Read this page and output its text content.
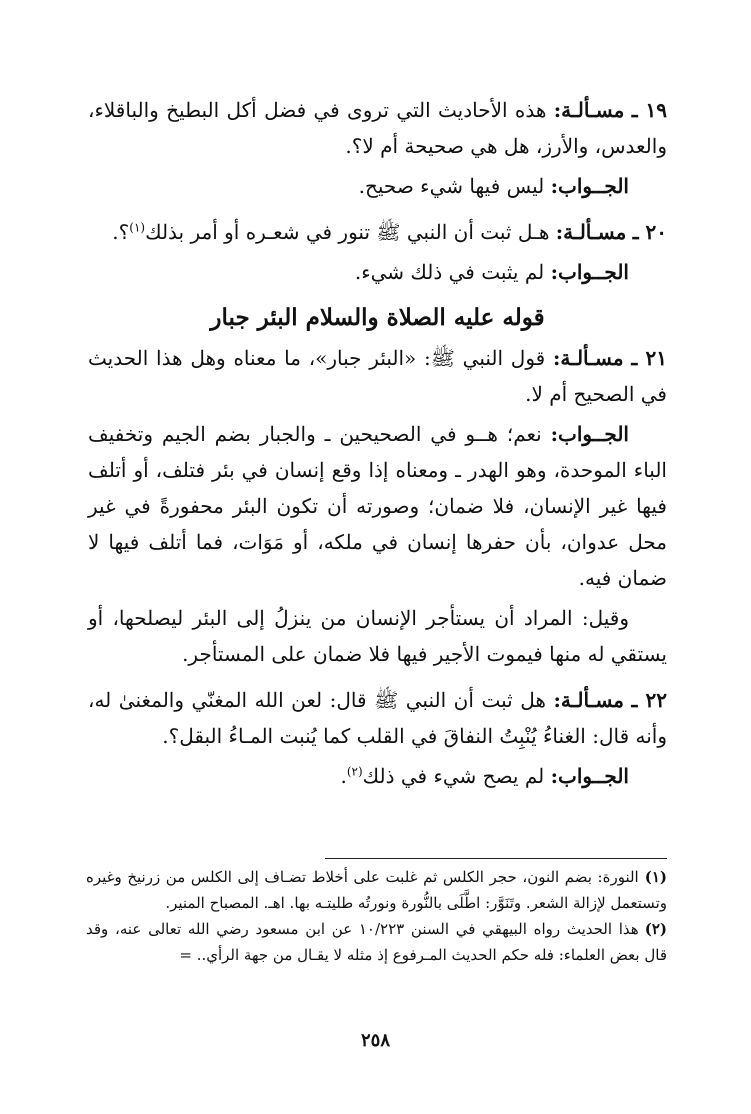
١٩ ـ مسـألـة: هذه الأحاديث التي تروى في فضل أكل البطيخ والباقلاء، والعدس، والأرز، هل هي صحيحة أم لا؟.

الجــواب: ليس فيها شيء صحيح.

٢٠ ـ مسـألـة: هـل ثبت أن النبي ﷺ تنور في شعـره أو أمر بذلك$^{(١)}$؟.

الجــواب: لم يثبت في ذلك شيء.

قوله عليه الصلاة والسلام البئر جبار

٢١ ـ مسـألـة: قول النبي ﷺ: «البئر جبار»، ما معناه وهل هذا الحديث في الصحيح أم لا.

الجــواب: نعم؛ هــو في الصحيحين ـ والجبار بضم الجيم وتخفيف الباء الموحدة، وهو الهدر ـ ومعناه إذا وقع إنسان في بئر فتلف، أو أتلف فيها غير الإنسان، فلا ضمان؛ وصورته أن تكون البئر محفورةً في غير محل عدوان، بأن حفرها إنسان في ملكه، أو مَوَات، فما أتلف فيها لا ضمان فيه.

وقيل: المراد أن يستأجر الإنسان من ينزلُ إلى البئر ليصلحها، أو يستقي له منها فيموت الأجير فيها فلا ضمان على المستأجر.

٢٢ ـ مسـألـة: هل ثبت أن النبي ﷺ قال: لعن الله المغنّي والمغنىٰ له، وأنه قال: الغناءُ يُنْبِتُ النفاقَ في القلب كما يُنبت المـاءُ البقل؟.

الجــواب: لم يصح شيء في ذلك$^{(٢)}$.

(١)النورة: بضم النون، حجر الكلس ثم غلبت على أخلاط تضـاف إلى الكلس من زرنيخ وغيره وتستعمل لإزالة الشعر. وتَنَوَّر: اطَّلَى بالنُّورة ونورتُه طليتـه بها. اهـ. المصباح المنير.

(٢)هذا الحديث رواه البيهقي في السنن ١٠/٢٢٣ عن ابن مسعود رضي الله تعالى عنه، وقد قال بعض العلماء: فله حكم الحديث المـرفوع إذ مثله لا يقـال من جهة الرأي.. =

٢٥٨
